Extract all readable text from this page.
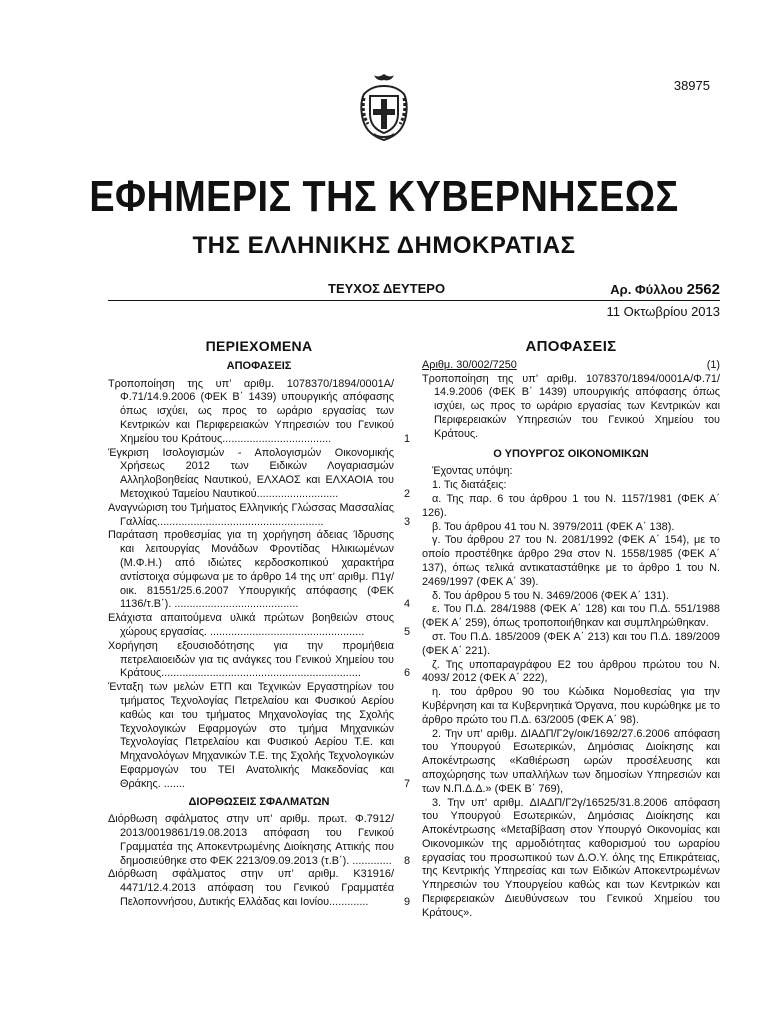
38975
ΕΦΗΜΕΡΙΣ ΤΗΣ ΚΥΒΕΡΝΗΣΕΩΣ
ΤΗΣ ΕΛΛΗΝΙΚΗΣ ΔΗΜΟΚΡΑΤΙΑΣ
ΤΕΥΧΟΣ ΔΕΥΤΕΡΟ	Αρ. Φύλλου 2562
11 Οκτωβρίου 2013
ΠΕΡΙΕΧΟΜΕΝΑ
ΑΠΟΦΑΣΕΙΣ
Τροποποίηση της υπ’ αριθμ. 1078370/1894/0001Α/ Φ.71/14.9.2006 (ΦΕΚ Β΄ 1439) υπουργικής απόφασης όπως ισχύει, ως προς το ωράριο εργασίας των Κεντρικών και Περιφερειακών Υπηρεσιών του Γενικού Χημείου του Κράτους....................................	1
Έγκριση Ισολογισμών - Απολογισμών Οικονομικής Χρήσεως 2012 των Ειδικών Λογαριασμών Αλληλοβοηθείας Ναυτικού, ΕΛΧΑΟΣ και ΕΛΧΑΟΙΑ του Μετοχικού Ταμείου Ναυτικού...........................	2
Αναγνώριση του Τμήματος Ελληνικής Γλώσσας Μασσαλίας Γαλλίας.......................................................	3
Παράταση προθεσμίας για τη χορήγηση άδειας Ίδρυσης και λειτουργίας Μονάδων Φροντίδας Ηλικιωμένων (Μ.Φ.Η.) από ιδιώτες κερδοσκοπικού χαρακτήρα αντίστοιχα σύμφωνα με το άρθρο 14 της υπ’ αριθμ. Π1γ/οικ. 81551/25.6.2007 Υπουργικής απόφασης (ΦΕΚ 1136/τ.Β΄). .........................................	4
Ελάχιστα απαιτούμενα υλικά πρώτων βοηθειών στους χώρους εργασίας. ...................................................	5
Χορήγηση εξουσιοδότησης για την προμήθεια πετρελαιοειδών για τις ανάγκες του Γενικού Χημείου του Κράτους..................................................................	6
Ένταξη των μελών ΕΤΠ και Τεχνικών Εργαστηρίων του τμήματος Τεχνολογίας Πετρελαίου και Φυσικού Αερίου καθώς και του τμήματος Μηχανολογίας της Σχολής Τεχνολογικών Εφαρμογών στο τμήμα Μηχανικών Τεχνολογίας Πετρελαίου και Φυσικού Αερίου Τ.Ε. και Μηχανολόγων Μηχανικών Τ.Ε. της Σχολής Τεχνολογικών Εφαρμογών του ΤΕΙ Ανατολικής Μακεδονίας και Θράκης. .......	7
ΔΙΟΡΘΩΣΕΙΣ ΣΦΑΛΜΑΤΩΝ
Διόρθωση σφάλματος στην υπ’ αριθμ. πρωτ. Φ.7912/ 2013/0019861/19.08.2013 απόφαση του Γενικού Γραμματέα της Αποκεντρωμένης Διοίκησης Αττικής που δημοσιεύθηκε στο ΦΕΚ 2213/09.09.2013 (τ.Β΄). ............. 8
Διόρθωση σφάλματος στην υπ’ αριθμ. Κ31916/ 4471/12.4.2013 απόφαση του Γενικού Γραμματέα Πελοποννήσου, Δυτικής Ελλάδας και Ιονίου.............	9
ΑΠΟΦΑΣΕΙΣ
Αριθμ. 30/002/7250	(1)

Τροποποίηση της υπ’ αριθμ. 1078370/1894/0001Α/Φ.71/ 14.9.2006 (ΦΕΚ Β΄ 1439) υπουργικής απόφασης όπως ισχύει, ως προς το ωράριο εργασίας των Κεντρικών και Περιφερειακών Υπηρεσιών του Γενικού Χημείου του Κράτους.

Ο ΥΠΟΥΡΓΟΣ ΟΙΚΟΝΟΜΙΚΩΝ

Έχοντας υπόψη:

1. Τις διατάξεις:

α. Της παρ. 6 του άρθρου 1 του Ν. 1157/1981 (ΦΕΚ Α΄ 126).

β. Του άρθρου 41 του Ν. 3979/2011 (ΦΕΚ Α΄ 138).

γ. Του άρθρου 27 του Ν. 2081/1992 (ΦΕΚ Α΄ 154), με το οποίο προστέθηκε άρθρο 29α στον Ν. 1558/1985 (ΦΕΚ Α΄ 137), όπως τελικά αντικαταστάθηκε με το άρθρο 1 του Ν. 2469/1997 (ΦΕΚ Α΄ 39).

δ. Του άρθρου 5 του Ν. 3469/2006 (ΦΕΚ Α΄ 131).

ε. Του Π.Δ. 284/1988 (ΦΕΚ Α΄ 128) και του Π.Δ. 551/1988 (ΦΕΚ Α΄ 259), όπως τροποποιήθηκαν και συμπληρώθηκαν.

στ. Του Π.Δ. 185/2009 (ΦΕΚ Α΄ 213) και του Π.Δ. 189/2009 (ΦΕΚ Α΄ 221).

ζ. Της υποπαραγράφου Ε2 του άρθρου πρώτου του Ν. 4093/ 2012 (ΦΕΚ Α΄ 222),

η. του άρθρου 90 του Κώδικα Νομοθεσίας για την Κυβέρνηση και τα Κυβερνητικά Όργανα, που κυρώθηκε με το άρθρο πρώτο του Π.Δ. 63/2005 (ΦΕΚ Α΄ 98).

2. Την υπ’ αριθμ. ΔΙΑΔΠ/Γ2γ/οικ/1692/27.6.2006 απόφαση του Υπουργού Εσωτερικών, Δημόσιας Διοίκησης και Αποκέντρωσης «Καθιέρωση ωρών προσέλευσης και αποχώρησης των υπαλλήλων των δημοσίων Υπηρεσιών και των Ν.Π.Δ.Δ.» (ΦΕΚ Β΄ 769),

3. Την υπ’ αριθμ. ΔΙΑΔΠ/Γ2γ/16525/31.8.2006 απόφαση του Υπουργού Εσωτερικών, Δημόσιας Διοίκησης και Αποκέντρωσης «Μεταβίβαση στον Υπουργό Οικονομίας και Οικονομικών της αρμοδιότητας καθορισμού του ωραρίου εργασίας του προσωπικού των Δ.Ο.Υ. όλης της Επικράτειας, της Κεντρικής Υπηρεσίας και των Ειδικών Αποκεντρωμένων Υπηρεσιών του Υπουργείου καθώς και των Κεντρικών και Περιφερειακών Διευθύνσεων του Γενικού Χημείου του Κράτους».
